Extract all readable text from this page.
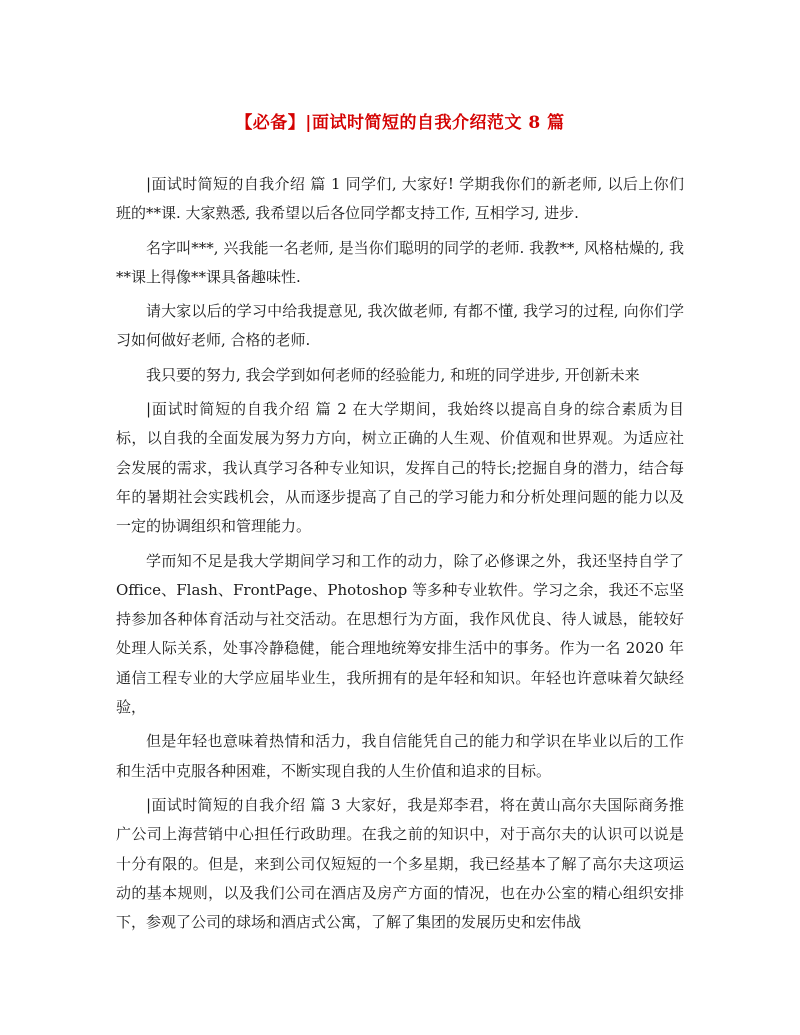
【必备】|面试时简短的自我介绍范文 8 篇

|面试时简短的自我介绍 篇 1 同学们, 大家好! 学期我你们的新老师, 以后上你们班的**课. 大家熟悉, 我希望以后各位同学都支持工作, 互相学习, 进步.

名字叫***, 兴我能一名老师, 是当你们聪明的同学的老师. 我教**, 风格枯燥的, 我**课上得像**课具备趣味性.

请大家以后的学习中给我提意见, 我次做老师, 有都不懂, 我学习的过程, 向你们学习如何做好老师, 合格的老师.

我只要的努力, 我会学到如何老师的经验能力, 和班的同学进步, 开创新未来

|面试时简短的自我介绍 篇 2 在大学期间，我始终以提高自身的综合素质为目标，以自我的全面发展为努力方向，树立正确的人生观、价值观和世界观。为适应社会发展的需求，我认真学习各种专业知识，发挥自己的特长;挖掘自身的潜力，结合每年的暑期社会实践机会，从而逐步提高了自己的学习能力和分析处理问题的能力以及一定的协调组织和管理能力。

学而知不足是我大学期间学习和工作的动力，除了必修课之外，我还坚持自学了 Office、Flash、FrontPage、Photoshop 等多种专业软件。学习之余，我还不忘坚持参加各种体育活动与社交活动。在思想行为方面，我作风优良、待人诚恳，能较好处理人际关系，处事冷静稳健，能合理地统筹安排生活中的事务。作为一名 2020 年通信工程专业的大学应届毕业生，我所拥有的是年轻和知识。年轻也许意味着欠缺经验，

但是年轻也意味着热情和活力，我自信能凭自己的能力和学识在毕业以后的工作和生活中克服各种困难，不断实现自我的人生价值和追求的目标。

|面试时简短的自我介绍 篇 3 大家好，我是郑李君，将在黄山高尔夫国际商务推广公司上海营销中心担任行政助理。在我之前的知识中，对于高尔夫的认识可以说是十分有限的。但是，来到公司仅短短的一个多星期，我已经基本了解了高尔夫这项运动的基本规则，以及我们公司在酒店及房产方面的情况，也在办公室的精心组织安排下，参观了公司的球场和酒店式公寓，了解了集团的发展历史和宏伟战
